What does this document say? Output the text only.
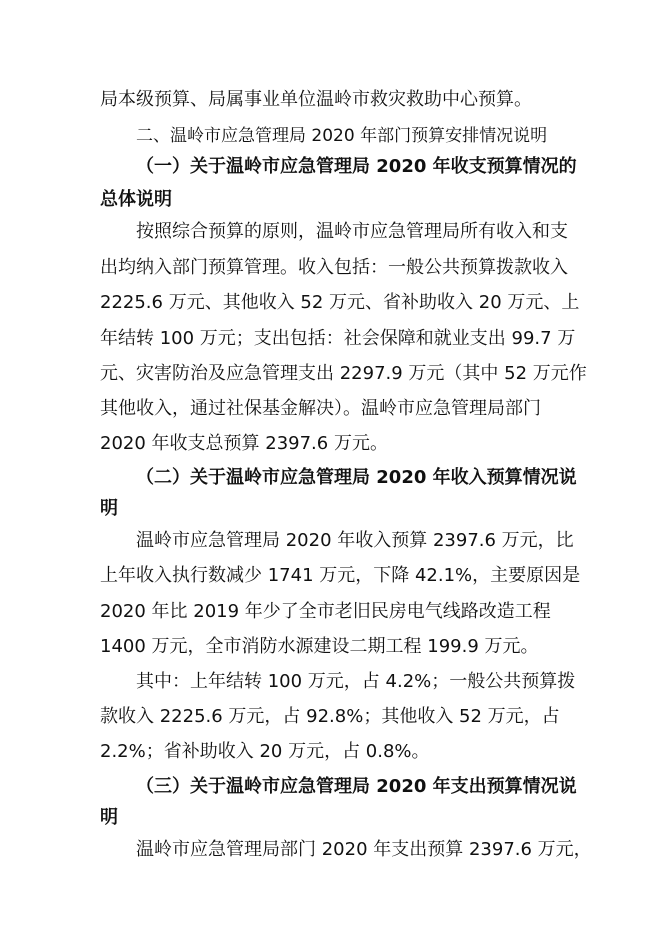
局本级预算、局属事业单位温岭市救灾救助中心预算。
二、温岭市应急管理局 2020 年部门预算安排情况说明
（一）关于温岭市应急管理局 2020 年收支预算情况的
总体说明
按照综合预算的原则，温岭市应急管理局所有收入和支
出均纳入部门预算管理。收入包括：一般公共预算拨款收入
2225.6 万元、其他收入 52 万元、省补助收入 20 万元、上
年结转 100 万元；支出包括：社会保障和就业支出 99.7 万
元、灾害防治及应急管理支出 2297.9 万元（其中 52 万元作
其他收入，通过社保基金解决）。温岭市应急管理局部门
2020 年收支总预算 2397.6 万元。
（二）关于温岭市应急管理局 2020 年收入预算情况说
明
温岭市应急管理局 2020 年收入预算 2397.6 万元，比
上年收入执行数减少 1741 万元，下降 42.1%，主要原因是
2020 年比 2019 年少了全市老旧民房电气线路改造工程
1400 万元，全市消防水源建设二期工程 199.9 万元。
其中：上年结转 100 万元，占 4.2%；一般公共预算拨
款收入 2225.6 万元，占 92.8%；其他收入 52 万元，占
2.2%；省补助收入 20 万元，占 0.8%。
（三）关于温岭市应急管理局 2020 年支出预算情况说
明
温岭市应急管理局部门 2020 年支出预算 2397.6 万元，
